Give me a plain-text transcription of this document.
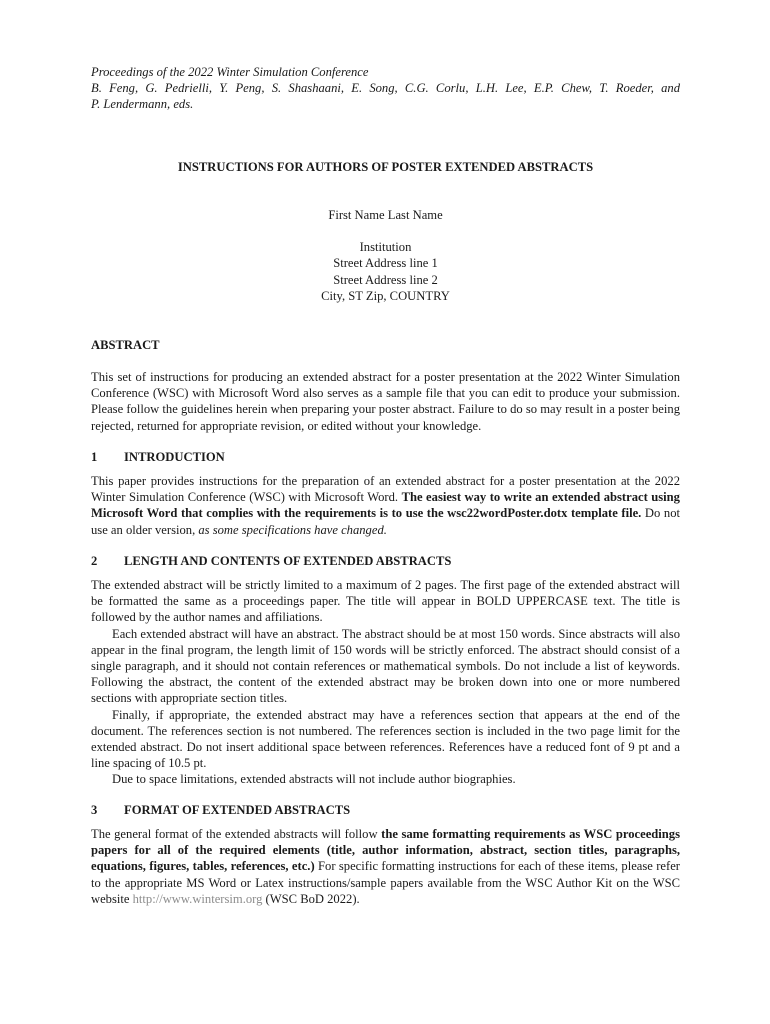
Proceedings of the 2022 Winter Simulation Conference
B. Feng, G. Pedrielli, Y. Peng, S. Shashaani, E. Song, C.G. Corlu, L.H. Lee, E.P. Chew, T. Roeder, and
P. Lendermann, eds.

INSTRUCTIONS FOR AUTHORS OF POSTER EXTENDED ABSTRACTS

First Name Last Name
Institution
Street Address line 1
Street Address line 2
City, ST Zip, COUNTRY

ABSTRACT

This set of instructions for producing an extended abstract for a poster presentation at the 2022 Winter Simulation Conference (WSC) with Microsoft Word also serves as a sample file that you can edit to produce your submission. Please follow the guidelines herein when preparing your poster abstract. Failure to do so may result in a poster being rejected, returned for appropriate revision, or edited without your knowledge.

1	INTRODUCTION

This paper provides instructions for the preparation of an extended abstract for a poster presentation at the 2022 Winter Simulation Conference (WSC) with Microsoft Word. The easiest way to write an extended abstract using Microsoft Word that complies with the requirements is to use the wsc22wordPoster.dotx template file. Do not use an older version, as some specifications have changed.

2	LENGTH AND CONTENTS OF EXTENDED ABSTRACTS

The extended abstract will be strictly limited to a maximum of 2 pages. The first page of the extended abstract will be formatted the same as a proceedings paper. The title will appear in BOLD UPPERCASE text. The title is followed by the author names and affiliations.

Each extended abstract will have an abstract. The abstract should be at most 150 words. Since abstracts will also appear in the final program, the length limit of 150 words will be strictly enforced. The abstract should consist of a single paragraph, and it should not contain references or mathematical symbols. Do not include a list of keywords. Following the abstract, the content of the extended abstract may be broken down into one or more numbered sections with appropriate section titles.

Finally, if appropriate, the extended abstract may have a references section that appears at the end of the document. The references section is not numbered. The references section is included in the two page limit for the extended abstract. Do not insert additional space between references. References have a reduced font of 9 pt and a line spacing of 10.5 pt.

Due to space limitations, extended abstracts will not include author biographies.

3	FORMAT OF EXTENDED ABSTRACTS

The general format of the extended abstracts will follow the same formatting requirements as WSC proceedings papers for all of the required elements (title, author information, abstract, section titles, paragraphs, equations, figures, tables, references, etc.) For specific formatting instructions for each of these items, please refer to the appropriate MS Word or Latex instructions/sample papers available from the WSC Author Kit on the WSC website http://www.wintersim.org (WSC BoD 2022).
